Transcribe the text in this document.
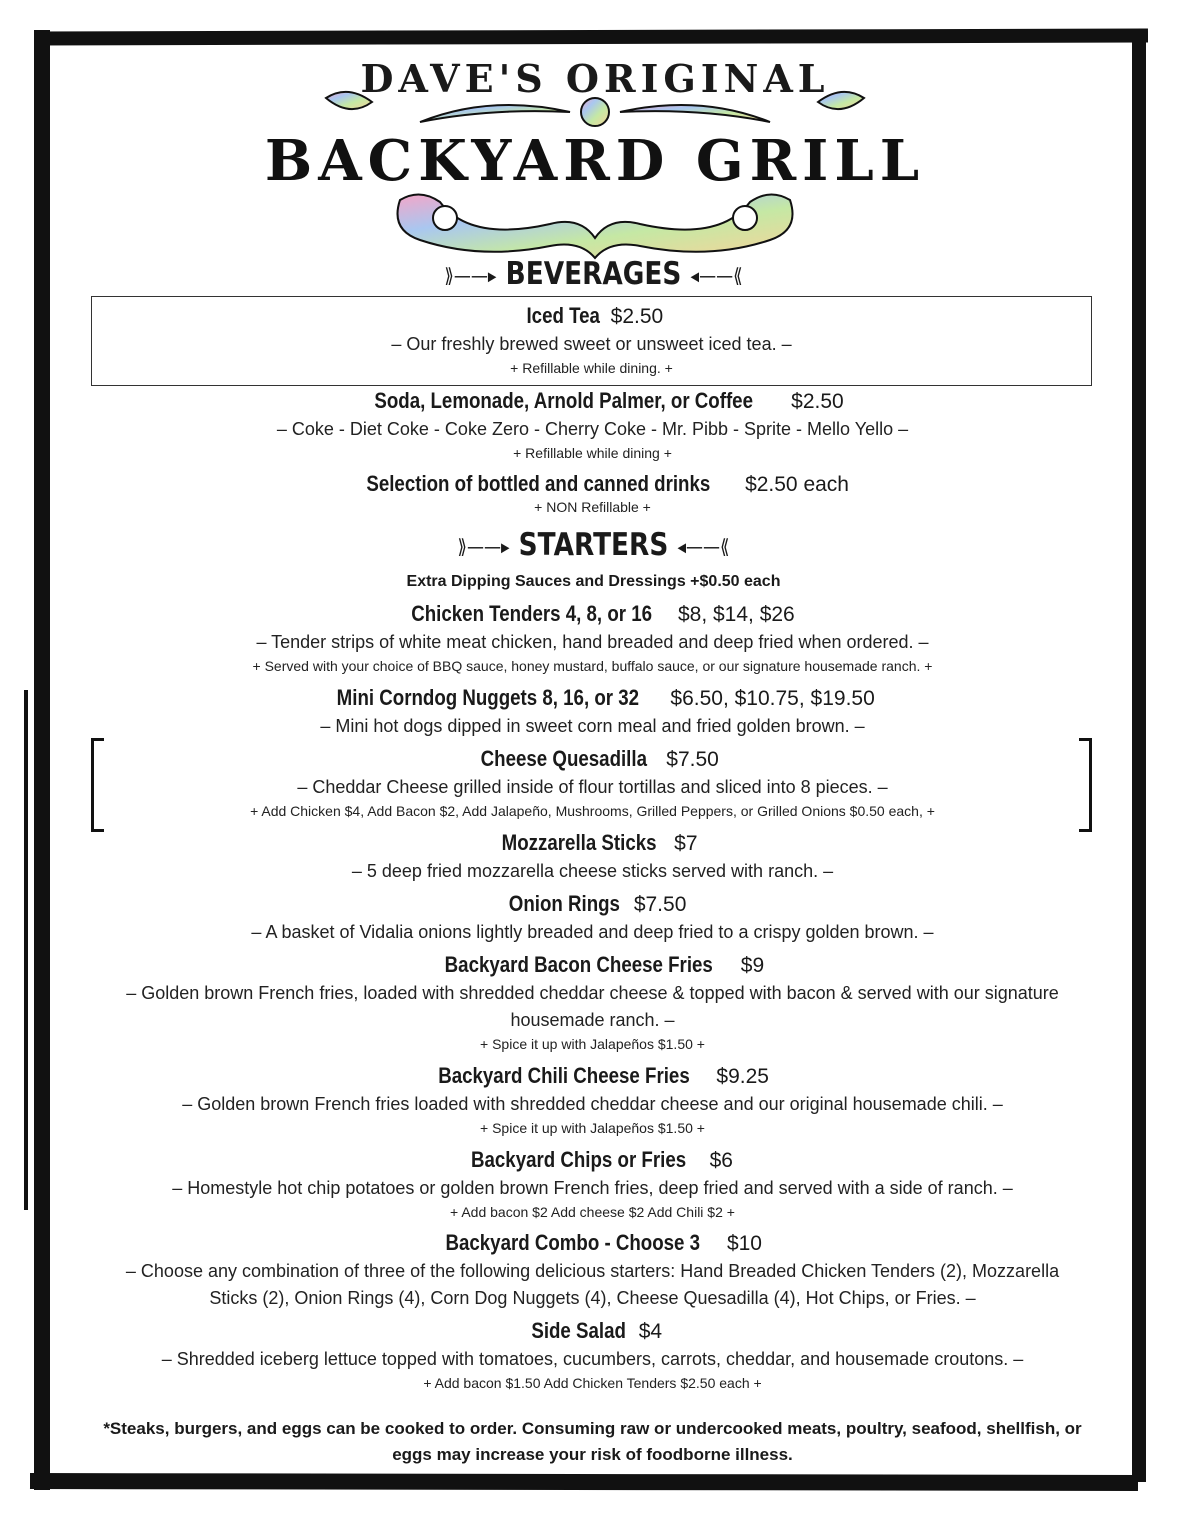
DAVE'S ORIGINAL
BACKYARD GRILL
⟫——▸ BEVERAGES ◂——⟪
Iced Tea $2.50
– Our freshly brewed sweet or unsweet iced tea. –
+ Refillable while dining. +
Soda, Lemonade, Arnold Palmer, or Coffee $2.50
– Coke - Diet Coke - Coke Zero - Cherry Coke - Mr. Pibb - Sprite - Mello Yello –
+ Refillable while dining +
Selection of bottled and canned drinks $2.50 each
+ NON Refillable +
⟫——▸ STARTERS ◂——⟪
Extra Dipping Sauces and Dressings +$0.50 each
Chicken Tenders 4, 8, or 16 $8, $14, $26
– Tender strips of white meat chicken, hand breaded and deep fried when ordered. –
+ Served with your choice of BBQ sauce, honey mustard, buffalo sauce, or our signature housemade ranch. +
Mini Corndog Nuggets 8, 16, or 32 $6.50, $10.75, $19.50
– Mini hot dogs dipped in sweet corn meal and fried golden brown. –
Cheese Quesadilla $7.50
– Cheddar Cheese grilled inside of flour tortillas and sliced into 8 pieces. –
+ Add Chicken $4, Add Bacon $2, Add Jalapeño, Mushrooms, Grilled Peppers, or Grilled Onions $0.50 each, +
Mozzarella Sticks $7
– 5 deep fried mozzarella cheese sticks served with ranch. –
Onion Rings $7.50
– A basket of Vidalia onions lightly breaded and deep fried to a crispy golden brown. –
Backyard Bacon Cheese Fries $9
– Golden brown French fries, loaded with shredded cheddar cheese & topped with bacon & served with our signature housemade ranch. –
+ Spice it up with Jalapeños $1.50 +
Backyard Chili Cheese Fries $9.25
– Golden brown French fries loaded with shredded cheddar cheese and our original housemade chili. –
+ Spice it up with Jalapeños $1.50 +
Backyard Chips or Fries $6
– Homestyle hot chip potatoes or golden brown French fries, deep fried and served with a side of ranch. –
+ Add bacon $2 Add cheese $2 Add Chili $2 +
Backyard Combo - Choose 3 $10
– Choose any combination of three of the following delicious starters: Hand Breaded Chicken Tenders (2), Mozzarella Sticks (2), Onion Rings (4), Corn Dog Nuggets (4), Cheese Quesadilla (4), Hot Chips, or Fries. –
Side Salad $4
– Shredded iceberg lettuce topped with tomatoes, cucumbers, carrots, cheddar, and housemade croutons. –
+ Add bacon $1.50 Add Chicken Tenders $2.50 each +
*Steaks, burgers, and eggs can be cooked to order. Consuming raw or undercooked meats, poultry, seafood, shellfish, or eggs may increase your risk of foodborne illness.
